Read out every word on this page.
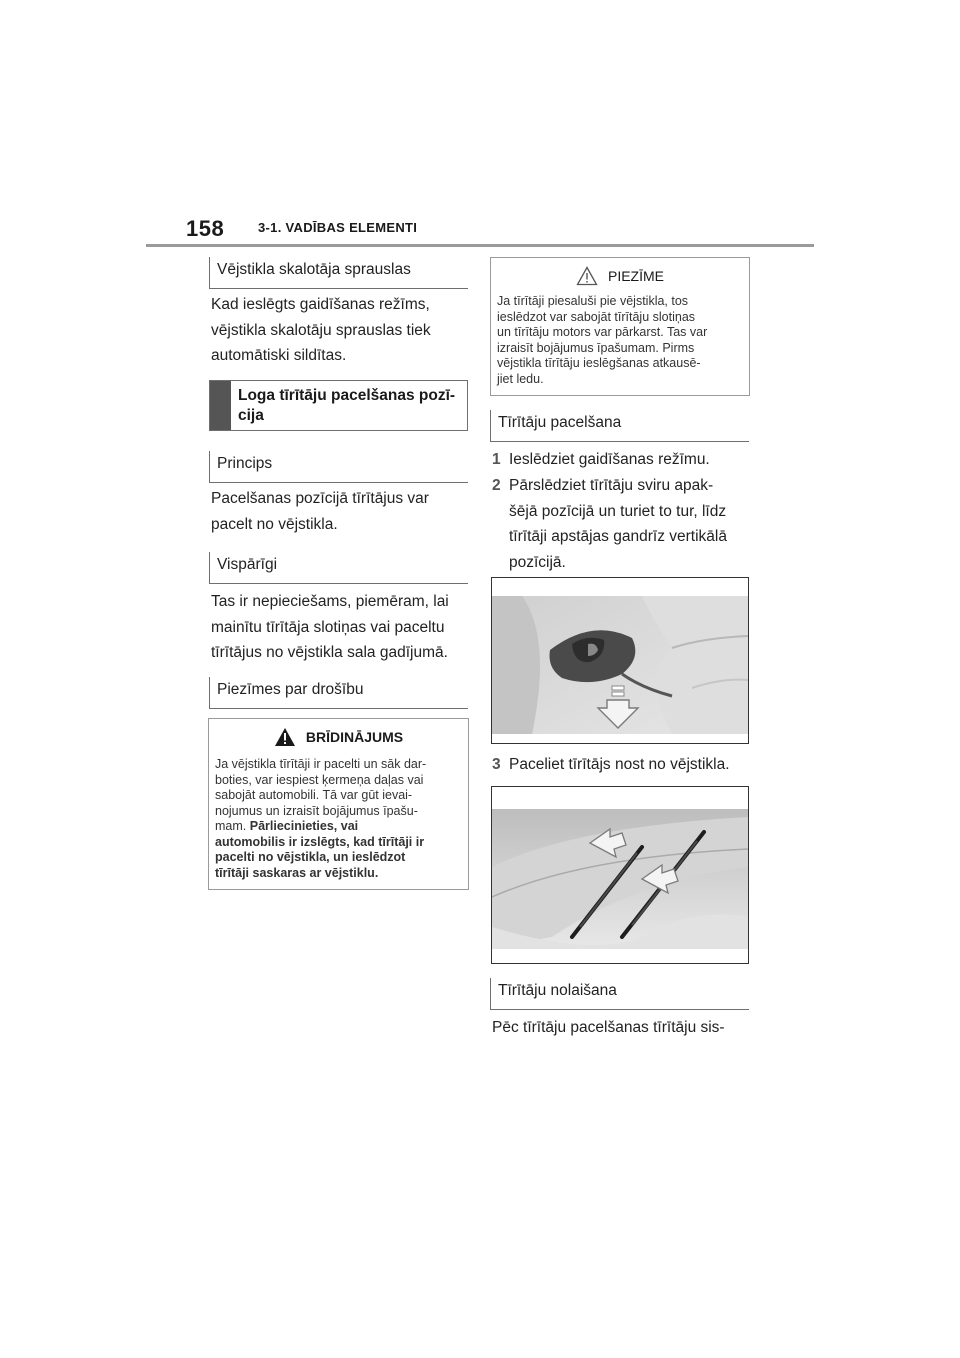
158	3-1. VADĪBAS ELEMENTI
Vējstikla skalotāja sprauslas
Kad ieslēgts gaidīšanas režīms,
vējstikla skalotāju sprauslas tiek
automātiski sildītas.
Loga tīrītāju pacelšanas pozī-
cija
Princips
Pacelšanas pozīcijā tīrītājus var
pacelt no vējstikla.
Vispārīgi
Tas ir nepieciešams, piemēram, lai
mainītu tīrītāja slotiņas vai paceltu
tīrītājus no vējstikla sala gadījumā.
Piezīmes par drošību
BRĪDINĀJUMS
Ja vējstikla tīrītāji ir pacelti un sāk dar-
boties, var iespiest ķermeņa daļas vai
sabojāt automobili. Tā var gūt ievai-
nojumus un izraisīt bojājumus īpašu-
mam. Pārliecinieties, vai
automobilis ir izslēgts, kad tīrītāji ir
pacelti no vējstikla, un ieslēdzot
tīrītāji saskaras ar vējstiklu.
PIEZĪME
Ja tīrītāji piesaluši pie vējstikla, tos
ieslēdzot var sabojāt tīrītāju slotiņas
un tīrītāju motors var pārkarst. Tas var
izraisīt bojājumus īpašumam. Pirms
vējstikla tīrītāju ieslēgšanas atkausē-
jiet ledu.
Tīrītāju pacelšana
1 Ieslēdziet gaidīšanas režīmu.
2 Pārslēdziet tīrītāju sviru apak-
šējā pozīcijā un turiet to tur, līdz
tīrītāji apstājas gandrīz vertikālā
pozīcijā.
3 Paceliet tīrītājs nost no vējstikla.
Tīrītāju nolaišana
Pēc tīrītāju pacelšanas tīrītāju sis-
